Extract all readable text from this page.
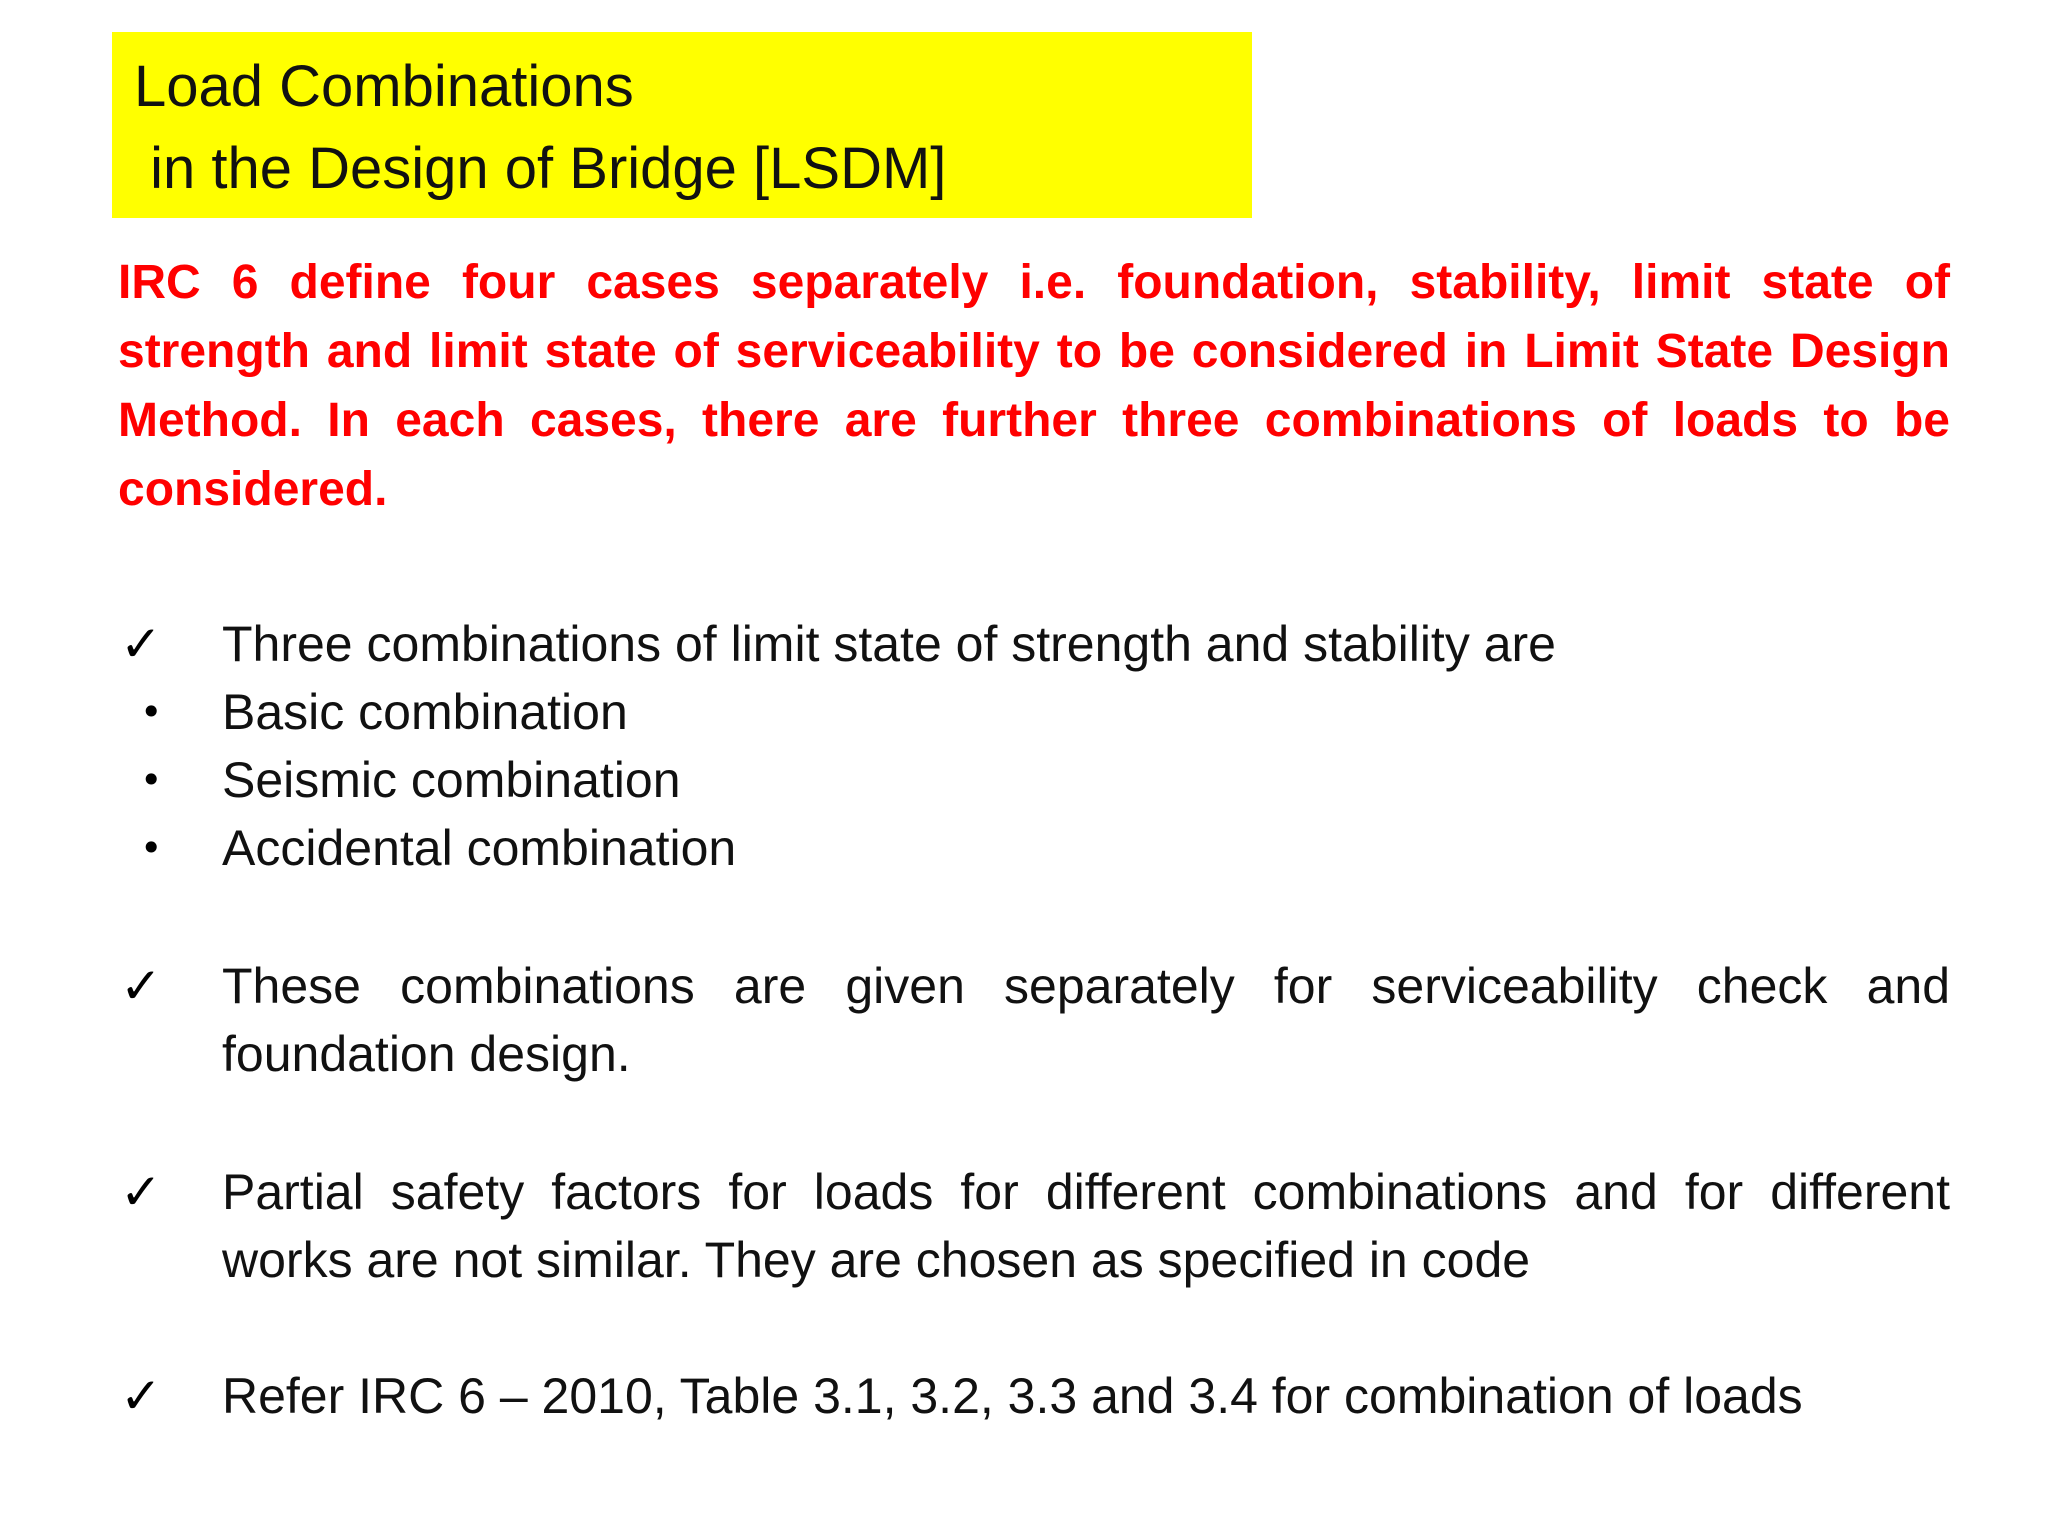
Load Combinations
in the Design of Bridge [LSDM]
IRC 6 define four cases separately i.e. foundation, stability, limit state of strength and limit state of serviceability to be considered in Limit State Design Method. In each cases, there are further three combinations of loads to be considered.
✓	Three combinations of limit state of strength and stability are
•	Basic combination
•	Seismic combination
•	Accidental combination
✓	These combinations are given separately for serviceability check and foundation design.
✓	Partial safety factors for loads for different combinations and for different works are not similar. They are chosen as specified in code
✓	Refer IRC 6 – 2010, Table 3.1, 3.2, 3.3 and 3.4 for combination of loads
